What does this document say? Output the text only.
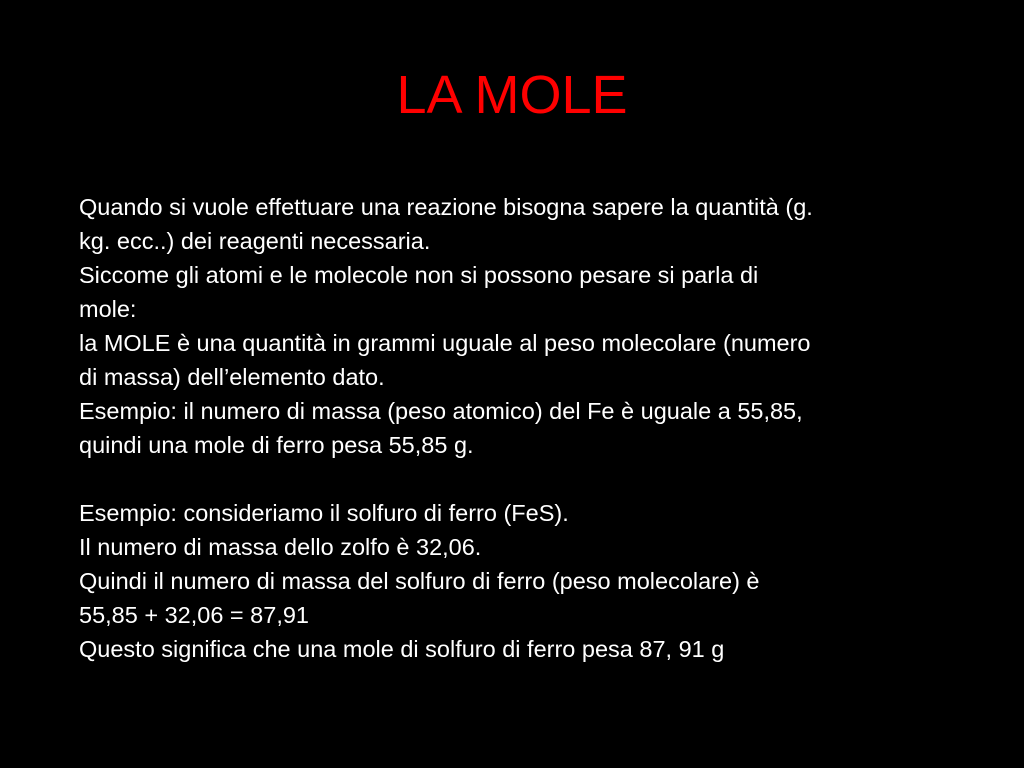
LA MOLE
Quando si vuole effettuare una reazione bisogna sapere la quantità (g.
kg. ecc..) dei reagenti necessaria.
Siccome gli atomi e le molecole non si possono pesare si parla di
mole:
la MOLE è una quantità in grammi uguale al peso molecolare (numero
di massa) dell’elemento dato.
Esempio: il numero di massa (peso atomico) del Fe è uguale a 55,85,
quindi una mole di ferro pesa 55,85 g.
Esempio: consideriamo il solfuro di ferro (FeS).
Il numero di massa dello zolfo è 32,06.
Quindi il numero di massa del solfuro di ferro (peso molecolare) è
55,85 + 32,06 = 87,91
Questo significa che una mole di solfuro di ferro pesa 87, 91 g
